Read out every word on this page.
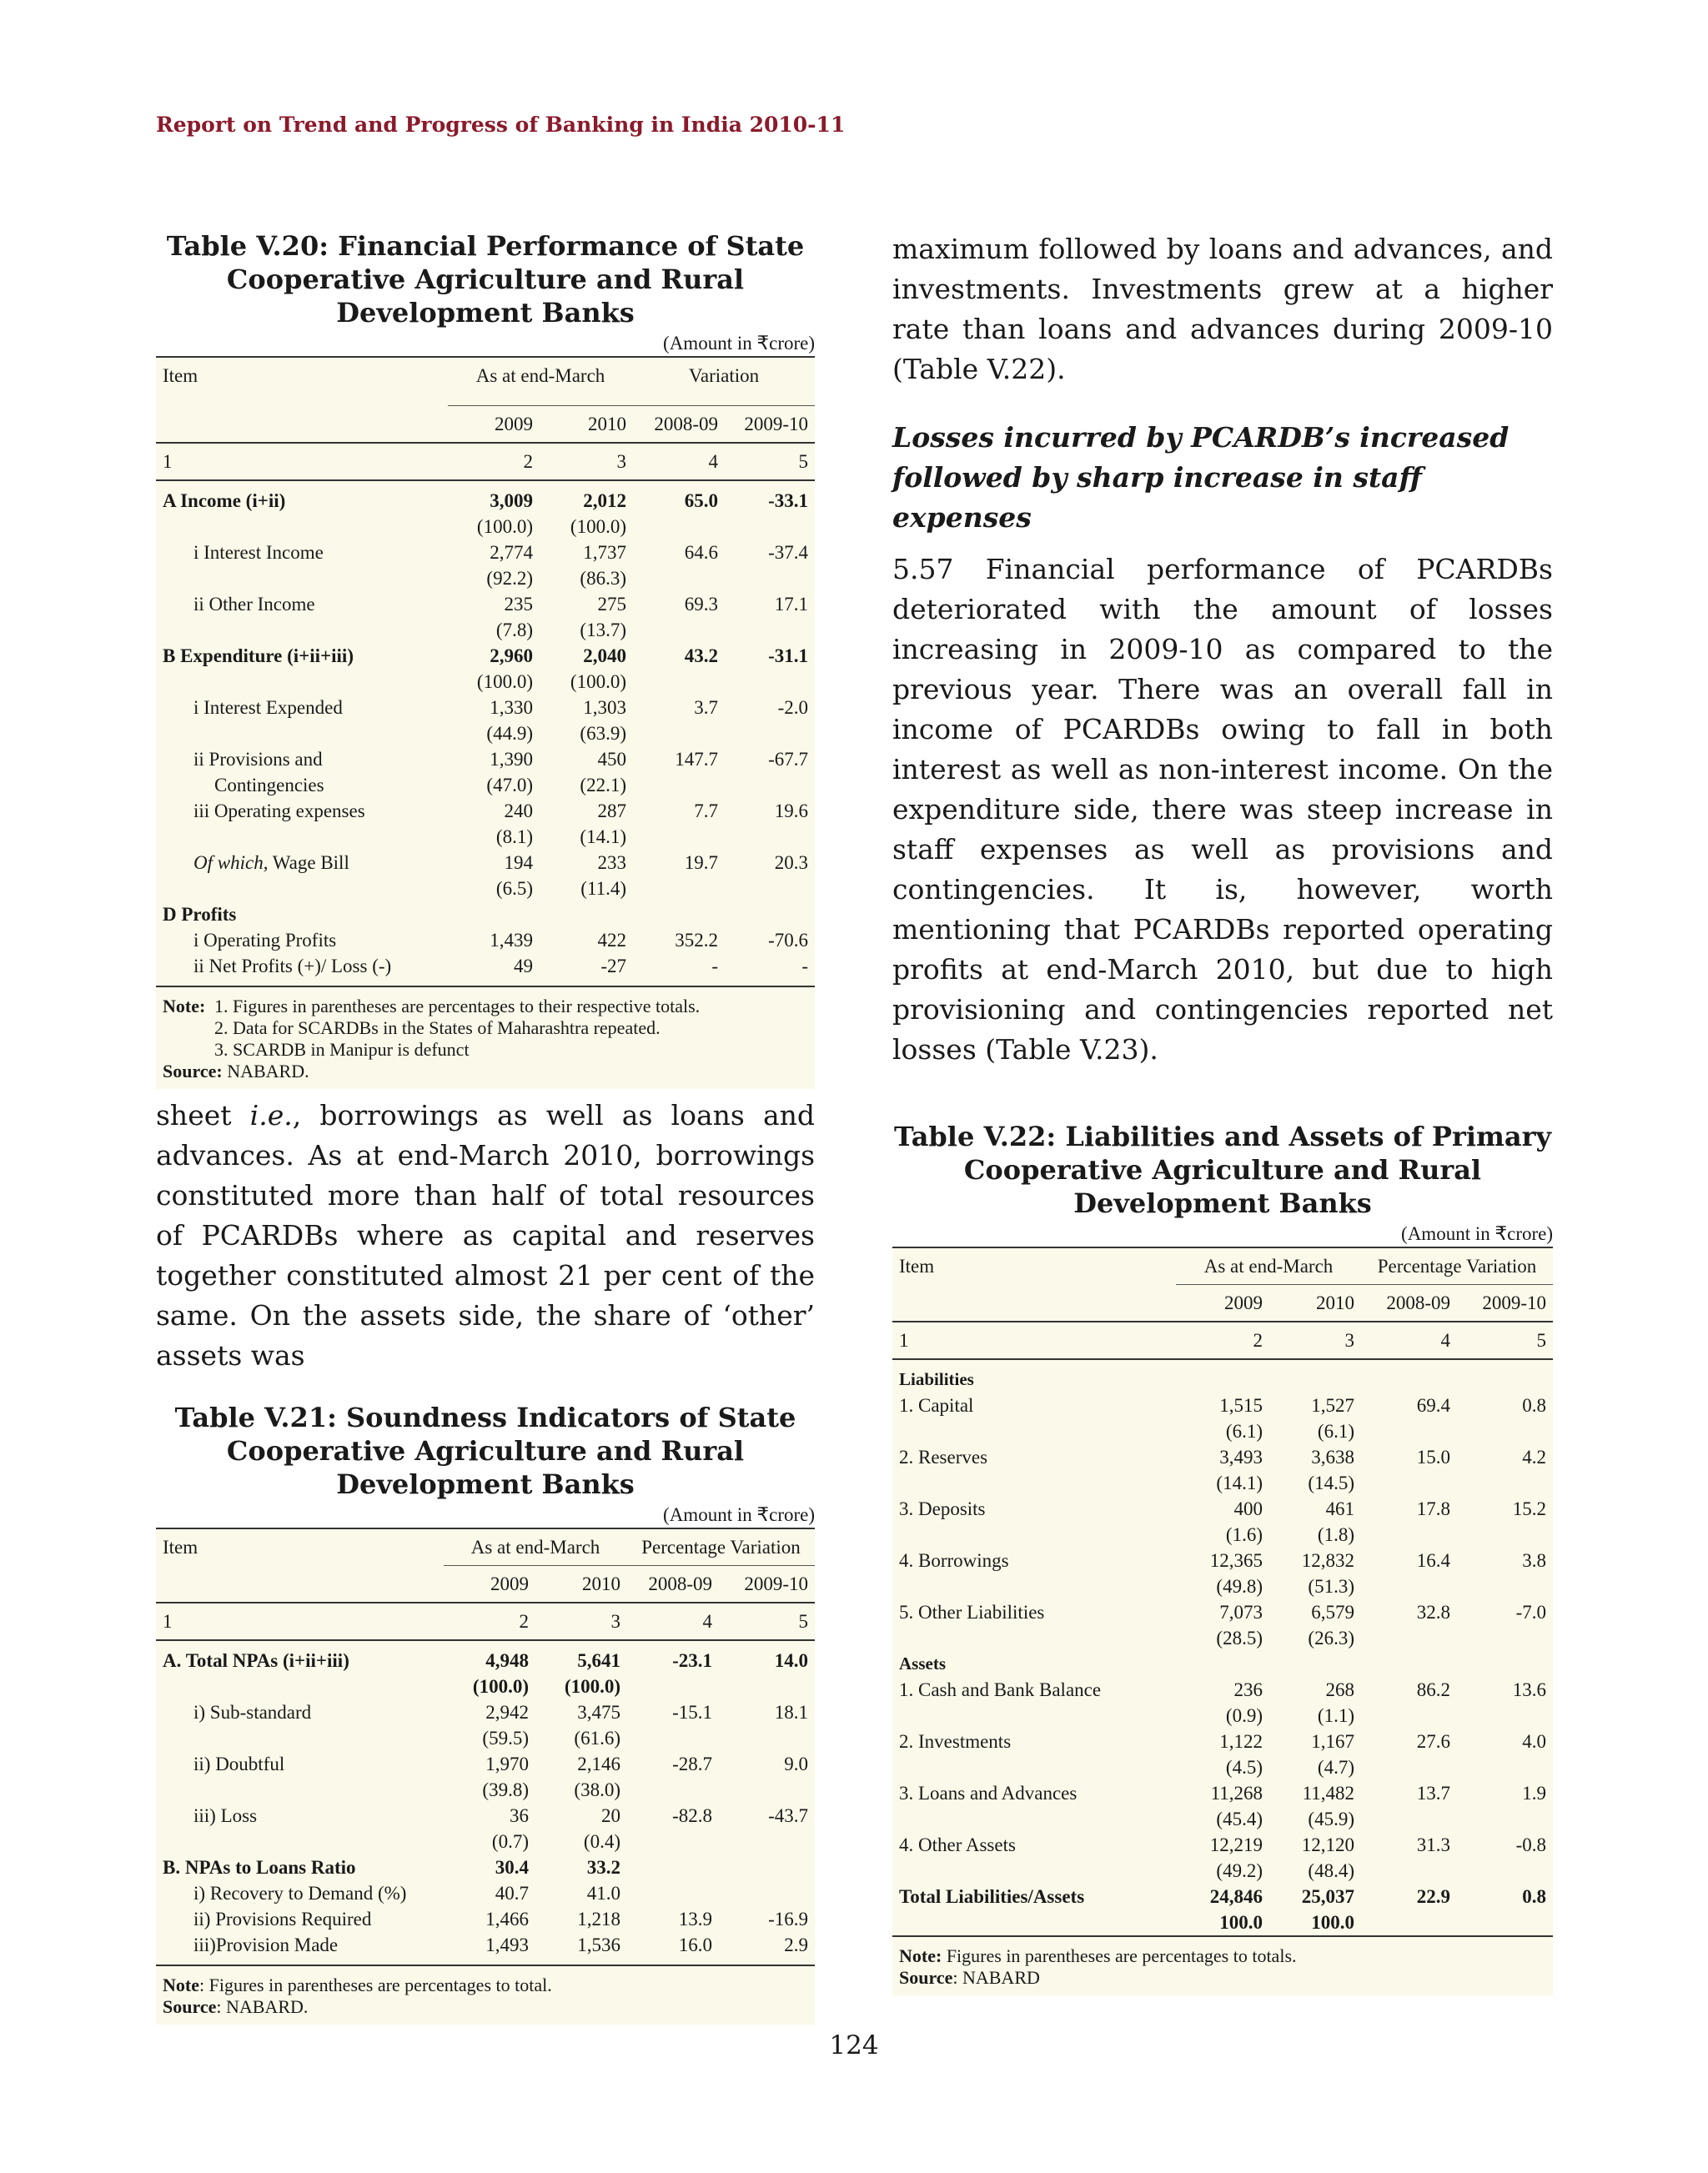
Report on Trend and Progress of Banking in India 2010-11
Table V.20: Financial Performance of State Cooperative Agriculture and Rural Development Banks
(Amount in ₹crore)
Item	As at end-March		Variation	
	2009	2010	2008-09	2009-10
1	2	3	4	5
A Income (i+ii)	3,009	2,012	65.0	-33.1
	(100.0)	(100.0)		
i Interest Income	2,774	1,737	64.6	-37.4
	(92.2)	(86.3)		
ii Other Income	235	275	69.3	17.1
	(7.8)	(13.7)		
B Expenditure (i+ii+iii)	2,960	2,040	43.2	-31.1
	(100.0)	(100.0)		
i Interest Expended	1,330	1,303	3.7	-2.0
	(44.9)	(63.9)		
ii Provisions and	1,390	450	147.7	-67.7
Contingencies	(47.0)	(22.1)		
iii Operating expenses	240	287	7.7	19.6
	(8.1)	(14.1)		
Of which, Wage Bill	194	233	19.7	20.3
	(6.5)	(11.4)		
D Profits				
i Operating Profits	1,439	422	352.2	-70.6
ii Net Profits (+)/ Loss (-)	49	-27	-	-
Note: 1. Figures in parentheses are percentages to their respective totals.
2. Data for SCARDBs in the States of Maharashtra repeated.
3. SCARDB in Manipur is defunct
Source: NABARD.

sheet i.e., borrowings as well as loans and advances. As at end-March 2010, borrowings constituted more than half of total resources of PCARDBs where as capital and reserves together constituted almost 21 per cent of the same. On the assets side, the share of ‘other’ assets was

Table V.21: Soundness Indicators of State Cooperative Agriculture and Rural Development Banks
(Amount in ₹crore)
Item	As at end-March		Percentage Variation	
	2009	2010	2008-09	2009-10
1	2	3	4	5
A. Total NPAs (i+ii+iii)	4,948	5,641	-23.1	14.0
	(100.0)	(100.0)		
i) Sub-standard	2,942	3,475	-15.1	18.1
	(59.5)	(61.6)		
ii) Doubtful	1,970	2,146	-28.7	9.0
	(39.8)	(38.0)		
iii) Loss	36	20	-82.8	-43.7
	(0.7)	(0.4)		
B. NPAs to Loans Ratio	30.4	33.2		
i) Recovery to Demand (%)	40.7	41.0		
ii) Provisions Required	1,466	1,218	13.9	-16.9
iii)Provision Made	1,493	1,536	16.0	2.9
Note: Figures in parentheses are percentages to total.
Source: NABARD.

maximum followed by loans and advances, and investments. Investments grew at a higher rate than loans and advances during 2009-10 (Table V.22).

Losses incurred by PCARDB’s increased followed by sharp increase in staff expenses

5.57 Financial performance of PCARDBs deteriorated with the amount of losses increasing in 2009-10 as compared to the previous year. There was an overall fall in income of PCARDBs owing to fall in both interest as well as non-interest income. On the expenditure side, there was steep increase in staff expenses as well as provisions and contingencies. It is, however, worth mentioning that PCARDBs reported operating profits at end-March 2010, but due to high provisioning and contingencies reported net losses (Table V.23).

Table V.22: Liabilities and Assets of Primary Cooperative Agriculture and Rural Development Banks
(Amount in ₹crore)
Item	As at end-March		Percentage Variation	
	2009	2010	2008-09	2009-10
1	2	3	4	5
Liabilities				
1. Capital	1,515	1,527	69.4	0.8
	(6.1)	(6.1)		
2. Reserves	3,493	3,638	15.0	4.2
	(14.1)	(14.5)		
3. Deposits	400	461	17.8	15.2
	(1.6)	(1.8)		
4. Borrowings	12,365	12,832	16.4	3.8
	(49.8)	(51.3)		
5. Other Liabilities	7,073	6,579	32.8	-7.0
	(28.5)	(26.3)		
Assets				
1. Cash and Bank Balance	236	268	86.2	13.6
	(0.9)	(1.1)		
2. Investments	1,122	1,167	27.6	4.0
	(4.5)	(4.7)		
3. Loans and Advances	11,268	11,482	13.7	1.9
	(45.4)	(45.9)		
4. Other Assets	12,219	12,120	31.3	-0.8
	(49.2)	(48.4)		
Total Liabilities/Assets	24,846	25,037	22.9	0.8
	100.0	100.0		
Note: Figures in parentheses are percentages to totals.
Source: NABARD
124
